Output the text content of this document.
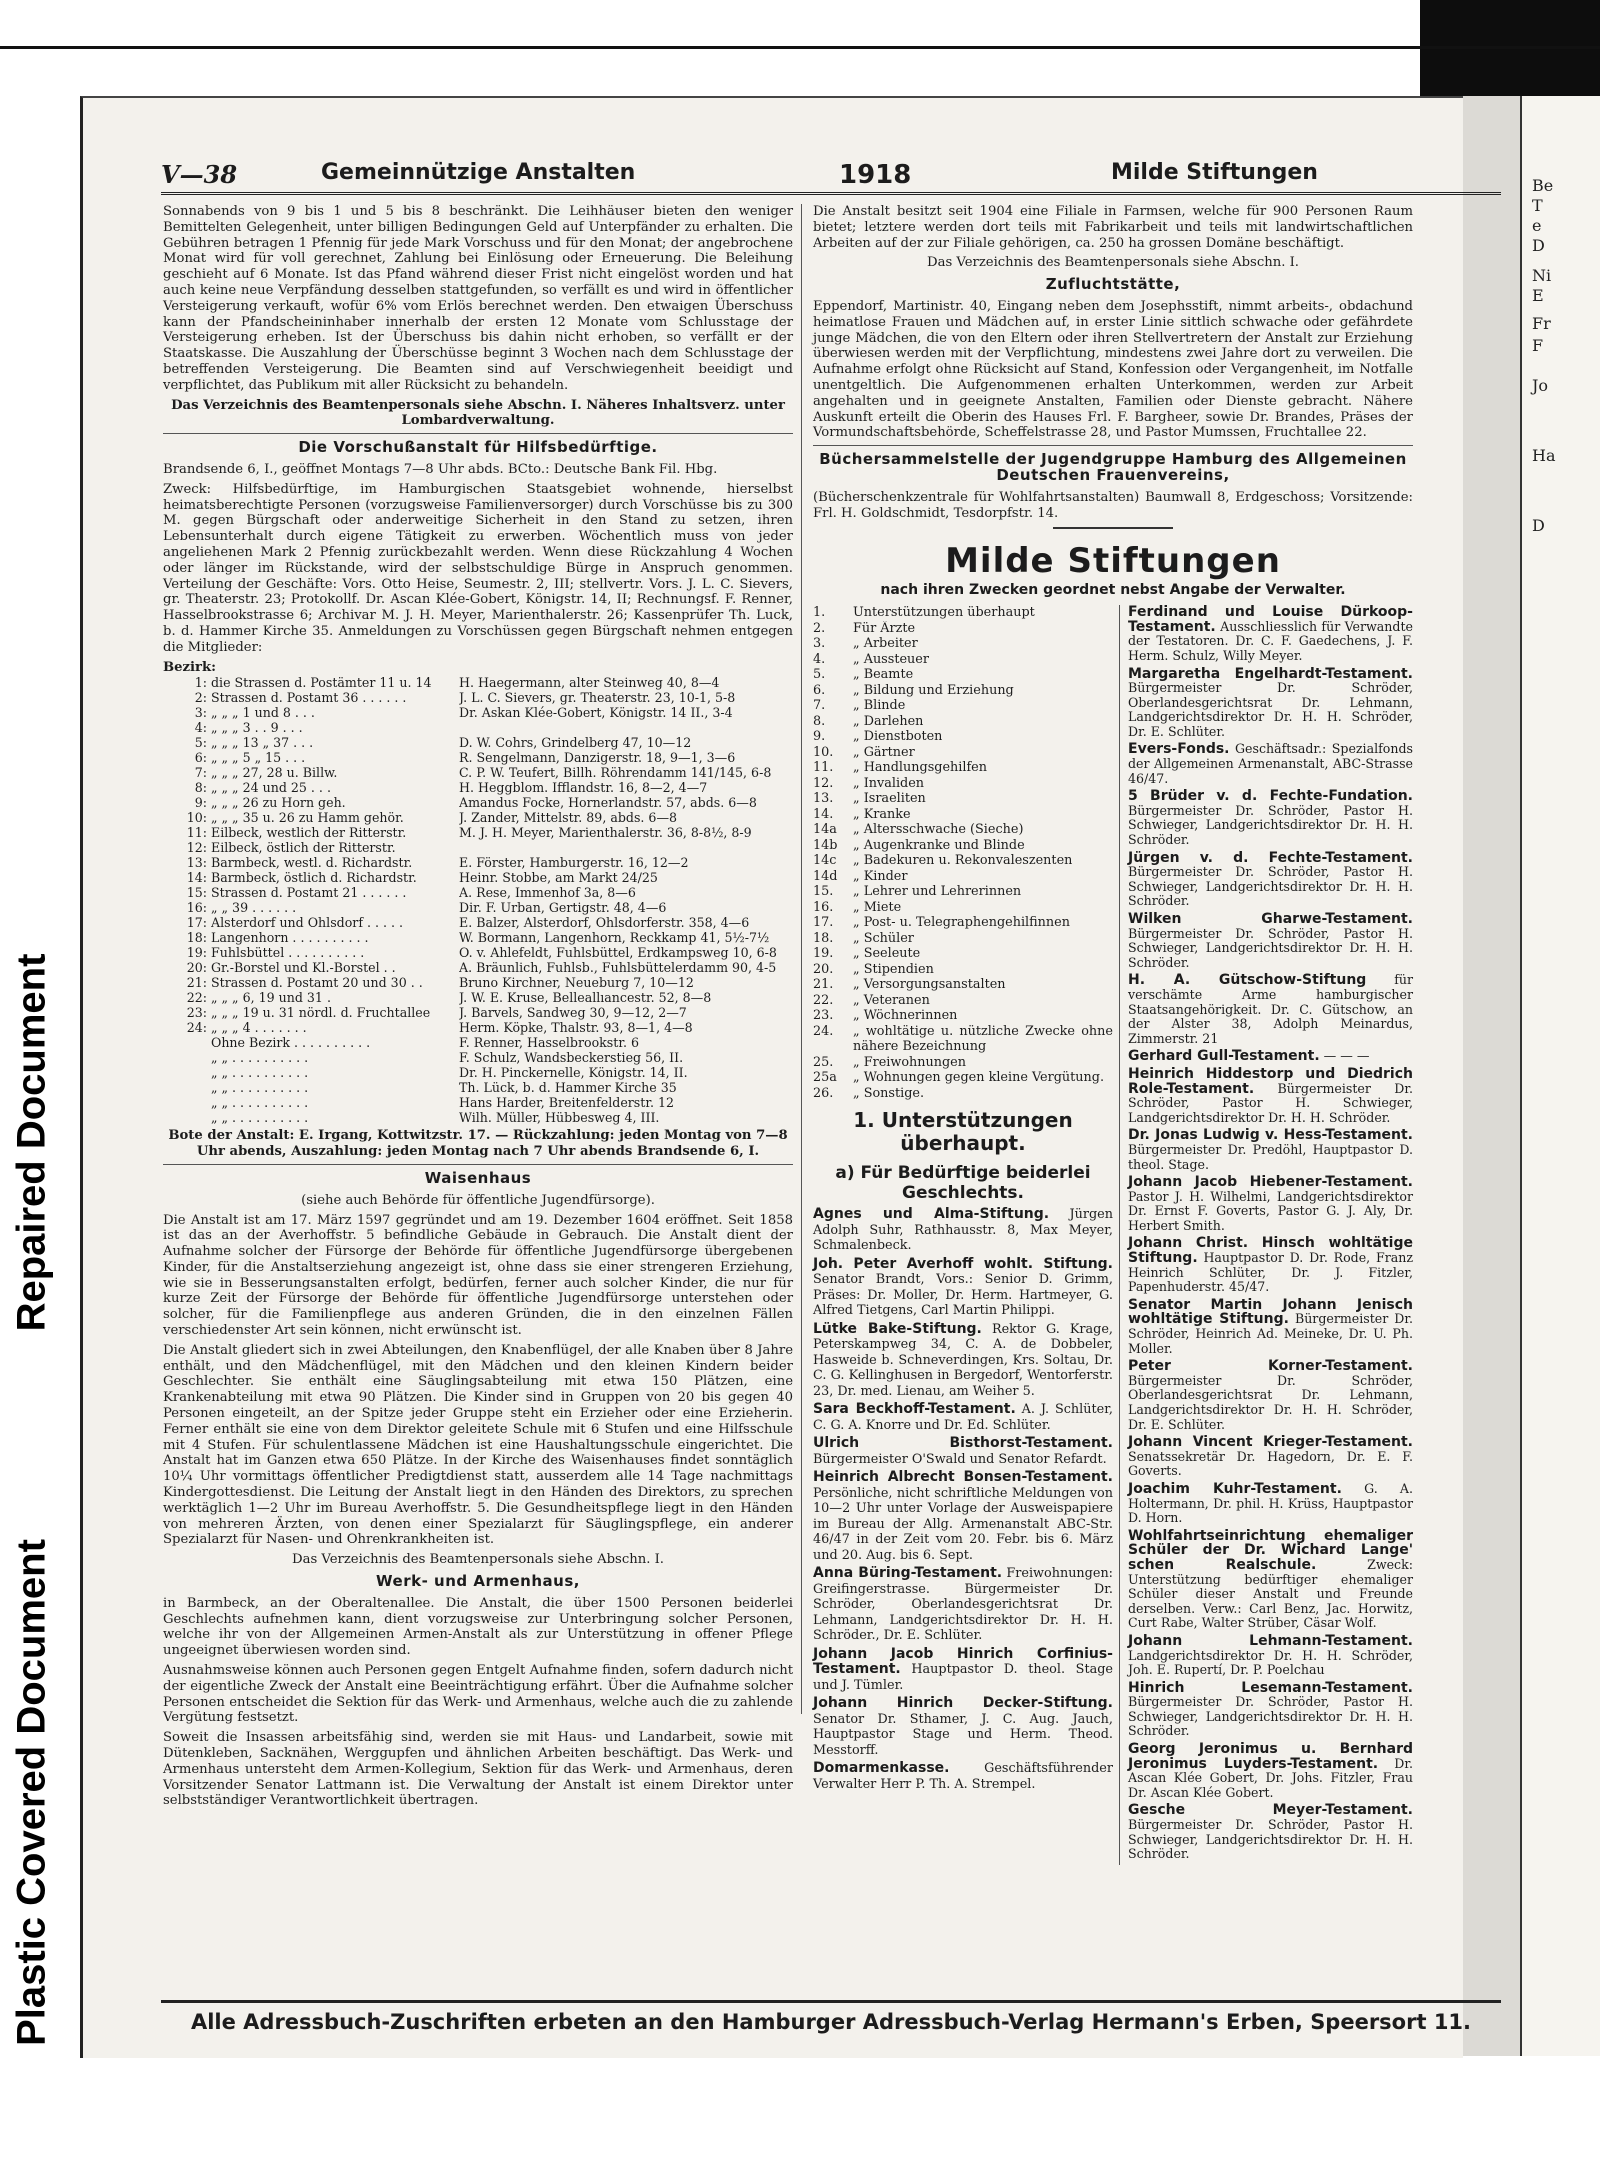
Plastic Covered Document
Repaired Document
Be
T
e
D
Ni
E
Fr
F
Jo
Ha
D
V—38	Gemeinnützige Anstalten	1918	Milde Stiftungen

Sonnabends von 9 bis 1 und 5 bis 8 beschränkt. Die Leihhäuser bieten den weniger Bemittelten Gelegenheit, unter billigen Bedingungen Geld auf Unterpfänder zu erhalten. Die Gebühren betragen 1 Pfennig für jede Mark Vorschuss und für den Monat; der angebrochene Monat wird für voll gerechnet, Zahlung bei Einlösung oder Erneuerung. Die Beleihung geschieht auf 6 Monate. Ist das Pfand während dieser Frist nicht eingelöst worden und hat auch keine neue Verpfändung desselben stattgefunden, so verfällt es und wird in öffentlicher Versteigerung verkauft, wofür 6% vom Erlös berechnet werden. Den etwaigen Überschuss kann der Pfandscheininhaber innerhalb der ersten 12 Monate vom Schlusstage der Versteigerung erheben. Ist der Überschuss bis dahin nicht erhoben, so verfällt er der Staatskasse. Die Auszahlung der Überschüsse beginnt 3 Wochen nach dem Schlusstage der betreffenden Versteigerung. Die Beamten sind auf Verschwiegenheit beeidigt und verpflichtet, das Publikum mit aller Rücksicht zu behandeln.

Das Verzeichnis des Beamtenpersonals siehe Abschn. I. Näheres Inhaltsverz. unter Lombardverwaltung.

Die Vorschußanstalt für Hilfsbedürftige.

Brandsende 6, I., geöffnet Montags 7—8 Uhr abds. BCto.: Deutsche Bank Fil. Hbg.

Zweck: Hilfsbedürftige, im Hamburgischen Staatsgebiet wohnende, hierselbst heimatsberechtigte Personen (vorzugsweise Familienversorger) durch Vorschüsse bis zu 300 M. gegen Bürgschaft oder anderweitige Sicherheit in den Stand zu setzen, ihren Lebensunterhalt durch eigene Tätigkeit zu erwerben. Wöchentlich muss von jeder angeliehenen Mark 2 Pfennig zurückbezahlt werden. Wenn diese Rückzahlung 4 Wochen oder länger im Rückstande, wird der selbstschuldige Bürge in Anspruch genommen. Verteilung der Geschäfte: Vors. Otto Heise, Seumestr. 2, III; stellvertr. Vors. J. L. C. Sievers, gr. Theaterstr. 23; Protokollf. Dr. Ascan Klée-Gobert, Königstr. 14, II; Rechnungsf. F. Renner, Hasselbrookstrasse 6; Archivar M. J. H. Meyer, Marienthalerstr. 26; Kassenprüfer Th. Luck, b. d. Hammer Kirche 35. Anmeldungen zu Vorschüssen gegen Bürgschaft nehmen entgegen die Mitglieder:

Bezirk:
1: die Strassen d. Postämter 11 u. 14	H. Haegermann, alter Steinweg 40, 8—4
2: Strassen d. Postamt 36 . . . . . .	J. L. C. Sievers, gr. Theaterstr. 23, 10-1, 5-8
3: „ „ „ 1 und 8 . . .	Dr. Askan Klée-Gobert, Königstr. 14 II., 3-4
4: „ „ „ 3 . . 9 . . .
5: „ „ „ 13 „ 37 . . .	D. W. Cohrs, Grindelberg 47, 10—12
6: „ „ „ 5 „ 15 . . .	R. Sengelmann, Danzigerstr. 18, 9—1, 3—6
7: „ „ „ 27, 28 u. Billw.	C. P. W. Teufert, Billh. Röhrendamm 141/145, 6-8
8: „ „ „ 24 und 25 . . .	H. Heggblom. Ifflandstr. 16, 8—2, 4—7
9: „ „ „ 26 zu Horn geh.	Amandus Focke, Hornerlandstr. 57, abds. 6—8
10: „ „ „ 35 u. 26 zu Hamm gehör.	J. Zander, Mittelstr. 89, abds. 6—8
11: Eilbeck, westlich der Ritterstr.	M. J. H. Meyer, Marienthalerstr. 36, 8-8½, 8-9
12: Eilbeck, östlich der Ritterstr.
13: Barmbeck, westl. d. Richardstr.	E. Förster, Hamburgerstr. 16, 12—2
14: Barmbeck, östlich d. Richardstr.	Heinr. Stobbe, am Markt 24/25
15: Strassen d. Postamt 21 . . . . . .	A. Rese, Immenhof 3a, 8—6
16: „ „ 39 . . . . . .	Dir. F. Urban, Gertigstr. 48, 4—6
17: Alsterdorf und Ohlsdorf . . . . .	E. Balzer, Alsterdorf, Ohlsdorferstr. 358, 4—6
18: Langenhorn . . . . . . . . . .	W. Bormann, Langenhorn, Reckkamp 41, 5½-7½
19: Fuhlsbüttel . . . . . . . . . .	O. v. Ahlefeldt, Fuhlsbüttel, Erdkampsweg 10, 6-8
20: Gr.-Borstel und Kl.-Borstel . .	A. Bräunlich, Fuhlsb., Fuhlsbüttelerdamm 90, 4-5
21: Strassen d. Postamt 20 und 30 . .	Bruno Kirchner, Neueburg 7, 10—12
22: „ „ „ 6, 19 und 31 .	J. W. E. Kruse, Belleallıancestr. 52, 8—8
23: „ „ „ 19 u. 31 nördl. d. Fruchtallee	J. Barvels, Sandweg 30, 9—12, 2—7
24: „ „ „ 4 . . . . . . .	Herm. Köpke, Thalstr. 93, 8—1, 4—8
Ohne Bezirk . . . . . . . . . .	F. Renner, Hasselbrookstr. 6
„ „ . . . . . . . . . .	F. Schulz, Wandsbeckerstieg 56, II.
„ „ . . . . . . . . . .	Dr. H. Pinckernelle, Königstr. 14, II.
„ „ . . . . . . . . . .	Th. Lück, b. d. Hammer Kirche 35
„ „ . . . . . . . . . .	Hans Harder, Breitenfelderstr. 12
„ „ . . . . . . . . . .	Wilh. Müller, Hübbesweg 4, III.

Bote der Anstalt: E. Irgang, Kottwitzstr. 17. — Rückzahlung: jeden Montag von 7—8 Uhr abends, Auszahlung: jeden Montag nach 7 Uhr abends Brandsende 6, I.

Waisenhaus

(siehe auch Behörde für öffentliche Jugendfürsorge).

Die Anstalt ist am 17. März 1597 gegründet und am 19. Dezember 1604 eröffnet. Seit 1858 ist das an der Averhoffstr. 5 befindliche Gebäude in Gebrauch. Die Anstalt dient der Aufnahme solcher der Fürsorge der Behörde für öffentliche Jugendfürsorge übergebenen Kinder, für die Anstaltserziehung angezeigt ist, ohne dass sie einer strengeren Erziehung, wie sie in Besserungsanstalten erfolgt, bedürfen, ferner auch solcher Kinder, die nur für kurze Zeit der Fürsorge der Behörde für öffentliche Jugendfürsorge unterstehen oder solcher, für die Familienpflege aus anderen Gründen, die in den einzelnen Fällen verschiedenster Art sein können, nicht erwünscht ist.

Die Anstalt gliedert sich in zwei Abteilungen, den Knabenflügel, der alle Knaben über 8 Jahre enthält, und den Mädchenflügel, mit den Mädchen und den kleinen Kindern beider Geschlechter. Sie enthält eine Säuglingsabteilung mit etwa 150 Plätzen, eine Krankenabteilung mit etwa 90 Plätzen. Die Kinder sind in Gruppen von 20 bis gegen 40 Personen eingeteilt, an der Spitze jeder Gruppe steht ein Erzieher oder eine Erzieherin. Ferner enthält sie eine von dem Direktor geleitete Schule mit 6 Stufen und eine Hilfsschule mit 4 Stufen. Für schulentlassene Mädchen ist eine Haushaltungsschule eingerichtet. Die Anstalt hat im Ganzen etwa 650 Plätze. In der Kirche des Waisenhauses findet sonntäglich 10¼ Uhr vormittags öffentlicher Predigtdienst statt, ausserdem alle 14 Tage nachmittags Kindergottesdienst. Die Leitung der Anstalt liegt in den Händen des Direktors, zu sprechen werktäglich 1—2 Uhr im Bureau Averhoffstr. 5. Die Gesundheitspflege liegt in den Händen von mehreren Ärzten, von denen einer Spezialarzt für Säuglingspflege, ein anderer Spezialarzt für Nasen- und Ohrenkrankheiten ist.

Das Verzeichnis des Beamtenpersonals siehe Abschn. I.

Werk- und Armenhaus,

in Barmbeck, an der Oberaltenallee. Die Anstalt, die über 1500 Personen beiderlei Geschlechts aufnehmen kann, dient vorzugsweise zur Unterbringung solcher Personen, welche ihr von der Allgemeinen Armen-Anstalt als zur Unterstützung in offener Pflege ungeeignet überwiesen worden sind.

Ausnahmsweise können auch Personen gegen Entgelt Aufnahme finden, sofern dadurch nicht der eigentliche Zweck der Anstalt eine Beeinträchtigung erfährt. Über die Aufnahme solcher Personen entscheidet die Sektion für das Werk- und Armenhaus, welche auch die zu zahlende Vergütung festsetzt.

Soweit die Insassen arbeitsfähig sind, werden sie mit Haus- und Landarbeit, sowie mit Dütenkleben, Sacknähen, Werggupfen und ähnlichen Arbeiten beschäftigt. Das Werk- und Armenhaus untersteht dem Armen-Kollegium, Sektion für das Werk- und Armenhaus, deren Vorsitzender Senator Lattmann ist. Die Verwaltung der Anstalt ist einem Direktor unter selbstständiger Verantwortlichkeit übertragen.

Die Anstalt besitzt seit 1904 eine Filiale in Farmsen, welche für 900 Personen Raum bietet; letztere werden dort teils mit Fabrikarbeit und teils mit landwirtschaftlichen Arbeiten auf der zur Filiale gehörigen, ca. 250 ha grossen Domäne beschäftigt.

Das Verzeichnis des Beamtenpersonals siehe Abschn. I.

Zufluchtstätte,

Eppendorf, Martinistr. 40, Eingang neben dem Josephsstift, nimmt arbeits-, obdachund heimatlose Frauen und Mädchen auf, in erster Linie sittlich schwache oder gefährdete junge Mädchen, die von den Eltern oder ihren Stellvertretern der Anstalt zur Erziehung überwiesen werden mit der Verpflichtung, mindestens zwei Jahre dort zu verweilen. Die Aufnahme erfolgt ohne Rücksicht auf Stand, Konfession oder Vergangenheit, im Notfalle unentgeltlich. Die Aufgenommenen erhalten Unterkommen, werden zur Arbeit angehalten und in geeignete Anstalten, Familien oder Dienste gebracht. Nähere Auskunft erteilt die Oberin des Hauses Frl. F. Bargheer, sowie Dr. Brandes, Präses der Vormundschaftsbehörde, Scheffelstrasse 28, und Pastor Mumssen, Fruchtallee 22.

Büchersammelstelle der Jugendgruppe Hamburg des Allgemeinen Deutschen Frauenvereins,

(Bücherschenkzentrale für Wohlfahrtsanstalten) Baumwall 8, Erdgeschoss; Vorsitzende: Frl. H. Goldschmidt, Tesdorpfstr. 14.

Milde Stiftungen
nach ihren Zwecken geordnet nebst Angabe der Verwalter.
1.	Unterstützungen überhaupt
2.	Für Ärzte
3.	„ Arbeiter
4.	„ Aussteuer
5.	„ Beamte
6.	„ Bildung und Erziehung
7.	„ Blinde
8.	„ Darlehen
9.	„ Dienstboten
10.	„ Gärtner
11.	„ Handlungsgehilfen
12.	„ Invaliden
13.	„ Israeliten
14.	„ Kranke
14a	„ Altersschwache (Sieche)
14b	„ Augenkranke und Blinde
14c	„ Badekuren u. Rekonvaleszenten
14d	„ Kinder
15.	„ Lehrer und Lehrerinnen
16.	„ Miete
17.	„ Post- u. Telegraphengehilfinnen
18.	„ Schüler
19.	„ Seeleute
20.	„ Stipendien
21.	„ Versorgungsanstalten
22.	„ Veteranen
23.	„ Wöchnerinnen
24.	„ wohltätige u. nützliche Zwecke ohne nähere Bezeichnung
25.	„ Freiwohnungen
25a	„ Wohnungen gegen kleine Vergütung.
26.	„ Sonstige.
1. Unterstützungen überhaupt.
a) Für Bedürftige beiderlei Geschlechts.
Agnes und Alma-Stiftung. Jürgen Adolph Suhr, Rathhausstr. 8, Max Meyer, Schmalenbeck.
Joh. Peter Averhoff wohlt. Stiftung. Senator Brandt, Vors.: Senior D. Grimm, Präses: Dr. Moller, Dr. Herm. Hartmeyer, G. Alfred Tietgens, Carl Martin Philippi.
Lütke Bake-Stiftung. Rektor G. Krage, Peterskampweg 34, C. A. de Dobbeler, Hasweide b. Schneverdingen, Krs. Soltau, Dr. C. G. Kellinghusen in Bergedorf, Wentorferstr. 23, Dr. med. Lienau, am Weiher 5.
Sara Beckhoff-Testament. A. J. Schlüter, C. G. A. Knorre und Dr. Ed. Schlüter.
Ulrich Bisthorst-Testament. Bürgermeister O'Swald und Senator Refardt.
Heinrich Albrecht Bonsen-Testament. Persönliche, nicht schriftliche Meldungen von 10—2 Uhr unter Vorlage der Ausweispapiere im Bureau der Allg. Armenanstalt ABC-Str. 46/47 in der Zeit vom 20. Febr. bis 6. März und 20. Aug. bis 6. Sept.
Anna Büring-Testament. Freiwohnungen: Greifingerstrasse. Bürgermeister Dr. Schröder, Oberlandesgerichtsrat Dr. Lehmann, Landgerichtsdirektor Dr. H. H. Schröder., Dr. E. Schlüter.
Johann Jacob Hinrich Corfinius-Testament. Hauptpastor D. theol. Stage und J. Tümler.
Johann Hinrich Decker-Stiftung. Senator Dr. Sthamer, J. C. Aug. Jauch, Hauptpastor Stage und Herm. Theod. Messtorff.
Domarmenkasse.	Geschäftsführender Verwalter Herr P. Th. A. Strempel.
Ferdinand und Louise Dürkoop-Testament. Ausschliesslich für Verwandte der Testatoren. Dr. C. F. Gaedechens, J. F. Herm. Schulz, Willy Meyer.
Margaretha Engelhardt-Testament. Bürgermeister Dr. Schröder, Oberlandesgerichtsrat Dr. Lehmann, Landgerichtsdirektor Dr. H. H. Schröder, Dr. E. Schlüter.
Evers-Fonds. Geschäftsadr.: Spezialfonds der Allgemeinen Armenanstalt, ABC-Strasse 46/47.
5 Brüder v. d. Fechte-Fundation. Bürgermeister Dr. Schröder, Pastor H. Schwieger, Landgerichtsdirektor Dr. H. H. Schröder.
Jürgen v. d. Fechte-Testament. Bürgermeister Dr. Schröder, Pastor H. Schwieger, Landgerichtsdirektor Dr. H. H. Schröder.
Wilken Gharwe-Testament. Bürgermeister Dr. Schröder, Pastor H. Schwieger, Landgerichtsdirektor Dr. H. H. Schröder.
H. A. Gütschow-Stiftung für verschämte Arme hamburgischer Staatsangehörigkeit. Dr. C. Gütschow, an der Alster 38, Adolph Meinardus, Zimmerstr. 21
Gerhard Gull-Testament. — — —
Heinrich Hiddestorp und Diedrich Role-Testament. Bürgermeister Dr. Schröder, Pastor H. Schwieger, Landgerichtsdirektor Dr. H. H. Schröder.
Dr. Jonas Ludwig v. Hess-Testament. Bürgermeister Dr. Predöhl, Hauptpastor D. theol. Stage.
Johann Jacob Hiebener-Testament. Pastor J. H. Wilhelmi, Landgerichtsdirektor Dr. Ernst F. Goverts, Pastor G. J. Aly, Dr. Herbert Smith.
Johann Christ. Hinsch wohltätige Stiftung. Hauptpastor D. Dr. Rode, Franz Heinrich Schlüter, Dr. J. Fitzler, Papenhuderstr. 45/47.
Senator Martin Johann Jenisch wohltätige Stiftung. Bürgermeister Dr. Schröder, Heinrich Ad. Meineke, Dr. U. Ph. Moller.
Peter Korner-Testament. Bürgermeister Dr. Schröder, Oberlandesgerichtsrat Dr. Lehmann, Landgerichtsdirektor Dr. H. H. Schröder, Dr. E. Schlüter.
Johann Vincent Krieger-Testament. Senatssekretär Dr. Hagedorn, Dr. E. F. Goverts.
Joachim Kuhr-Testament. G. A. Holtermann, Dr. phil. H. Krüss, Hauptpastor D. Horn.
Wohlfahrtseinrichtung ehemaliger Schüler der Dr. Wichard Lange' schen Realschule.	Zweck: Unterstützung bedürftiger ehemaliger Schüler dieser Anstalt und Freunde derselben. Verw.: Carl Benz, Jac. Horwitz, Curt Rabe, Walter Strüber, Cäsar Wolf.
Johann Lehmann-Testament. Landgerichtsdirektor Dr. H. H. Schröder, Joh. E. Rupertí, Dr. P. Poelchau
Hinrich Lesemann-Testament. Bürgermeister Dr. Schröder, Pastor H. Schwieger, Landgerichtsdirektor Dr. H. H. Schröder.
Georg Jeronimus u. Bernhard Jeronimus Luyders-Testament. Dr. Ascan Klée Gobert, Dr. Johs. Fitzler, Frau Dr. Ascan Klée Gobert.
Gesche Meyer-Testament. Bürgermeister Dr. Schröder, Pastor H. Schwieger, Landgerichtsdirektor Dr. H. H. Schröder.
Alle Adressbuch-Zuschriften erbeten an den Hamburger Adressbuch-Verlag Hermann's Erben, Speersort 11.
